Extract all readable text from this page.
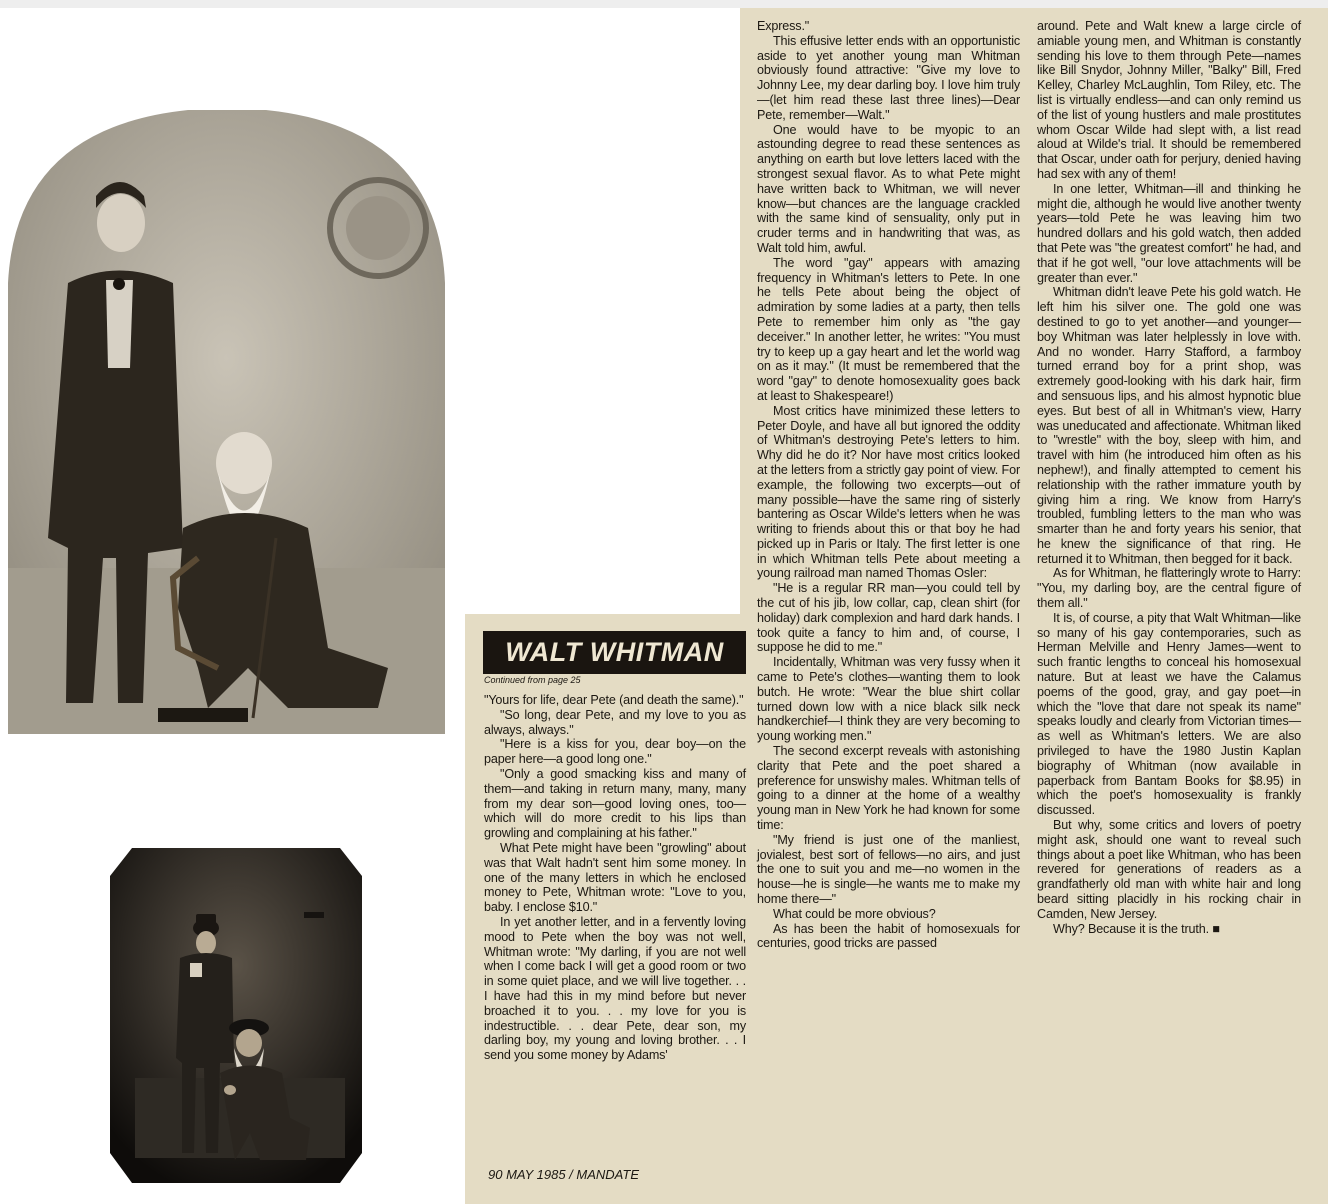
WALT WHITMAN
Continued from page 25

"Yours for life, dear Pete (and death the same)."

"So long, dear Pete, and my love to you as always, always."

"Here is a kiss for you, dear boy—on the paper here—a good long one."

"Only a good smacking kiss and many of them—and taking in return many, many, many from my dear son—good loving ones, too—which will do more credit to his lips than growling and complaining at his father."

What Pete might have been "growling" about was that Walt hadn't sent him some money. In one of the many letters in which he enclosed money to Pete, Whitman wrote: "Love to you, baby. I enclose $10."

In yet another letter, and in a fervently loving mood to Pete when the boy was not well, Whitman wrote: "My darling, if you are not well when I come back I will get a good room or two in some quiet place, and we will live together. . . I have had this in my mind before but never broached it to you. . . my love for you is indestructible. . . dear Pete, dear son, my darling boy, my young and loving brother. . . I send you some money by Adams'

Express."

This effusive letter ends with an opportunistic aside to yet another young man Whitman obviously found attractive: "Give my love to Johnny Lee, my dear darling boy. I love him truly—(let him read these last three lines)—Dear Pete, remember—Walt."

One would have to be myopic to an astounding degree to read these sentences as anything on earth but love letters laced with the strongest sexual flavor. As to what Pete might have written back to Whitman, we will never know—but chances are the language crackled with the same kind of sensuality, only put in cruder terms and in handwriting that was, as Walt told him, awful.

The word "gay" appears with amazing frequency in Whitman's letters to Pete. In one he tells Pete about being the object of admiration by some ladies at a party, then tells Pete to remember him only as "the gay deceiver." In another letter, he writes: "You must try to keep up a gay heart and let the world wag on as it may." (It must be remembered that the word "gay" to denote homosexuality goes back at least to Shakespeare!)

Most critics have minimized these letters to Peter Doyle, and have all but ignored the oddity of Whitman's destroying Pete's letters to him. Why did he do it? Nor have most critics looked at the letters from a strictly gay point of view. For example, the following two excerpts—out of many possible—have the same ring of sisterly bantering as Oscar Wilde's letters when he was writing to friends about this or that boy he had picked up in Paris or Italy. The first letter is one in which Whitman tells Pete about meeting a young railroad man named Thomas Osler:

"He is a regular RR man—you could tell by the cut of his jib, low collar, cap, clean shirt (for holiday) dark complexion and hard dark hands. I took quite a fancy to him and, of course, I suppose he did to me."

Incidentally, Whitman was very fussy when it came to Pete's clothes—wanting them to look butch. He wrote: "Wear the blue shirt collar turned down low with a nice black silk neck handkerchief—I think they are very becoming to young working men."

The second excerpt reveals with astonishing clarity that Pete and the poet shared a preference for unswishy males. Whitman tells of going to a dinner at the home of a wealthy young man in New York he had known for some time:

"My friend is just one of the manliest, jovialest, best sort of fellows—no airs, and just the one to suit you and me—no women in the house—he is single—he wants me to make my home there—"

What could be more obvious?

As has been the habit of homosexuals for centuries, good tricks are passed

around. Pete and Walt knew a large circle of amiable young men, and Whitman is constantly sending his love to them through Pete—names like Bill Snydor, Johnny Miller, "Balky" Bill, Fred Kelley, Charley McLaughlin, Tom Riley, etc. The list is virtually endless—and can only remind us of the list of young hustlers and male prostitutes whom Oscar Wilde had slept with, a list read aloud at Wilde's trial. It should be remembered that Oscar, under oath for perjury, denied having had sex with any of them!

In one letter, Whitman—ill and thinking he might die, although he would live another twenty years—told Pete he was leaving him two hundred dollars and his gold watch, then added that Pete was "the greatest comfort" he had, and that if he got well, "our love attachments will be greater than ever."

Whitman didn't leave Pete his gold watch. He left him his silver one. The gold one was destined to go to yet another—and younger—boy Whitman was later helplessly in love with. And no wonder. Harry Stafford, a farmboy turned errand boy for a print shop, was extremely good-looking with his dark hair, firm and sensuous lips, and his almost hypnotic blue eyes. But best of all in Whitman's view, Harry was uneducated and affectionate. Whitman liked to "wrestle" with the boy, sleep with him, and travel with him (he introduced him often as his nephew!), and finally attempted to cement his relationship with the rather immature youth by giving him a ring. We know from Harry's troubled, fumbling letters to the man who was smarter than he and forty years his senior, that he knew the significance of that ring. He returned it to Whitman, then begged for it back.

As for Whitman, he flatteringly wrote to Harry: "You, my darling boy, are the central figure of them all."

It is, of course, a pity that Walt Whitman—like so many of his gay contemporaries, such as Herman Melville and Henry James—went to such frantic lengths to conceal his homosexual nature. But at least we have the Calamus poems of the good, gray, and gay poet—in which the "love that dare not speak its name" speaks loudly and clearly from Victorian times—as well as Whitman's letters. We are also privileged to have the 1980 Justin Kaplan biography of Whitman (now available in paperback from Bantam Books for $8.95) in which the poet's homosexuality is frankly discussed.

But why, some critics and lovers of poetry might ask, should one want to reveal such things about a poet like Whitman, who has been revered for generations of readers as a grandfatherly old man with white hair and long beard sitting placidly in his rocking chair in Camden, New Jersey.

Why? Because it is the truth. ■

90 MAY 1985 / MANDATE
